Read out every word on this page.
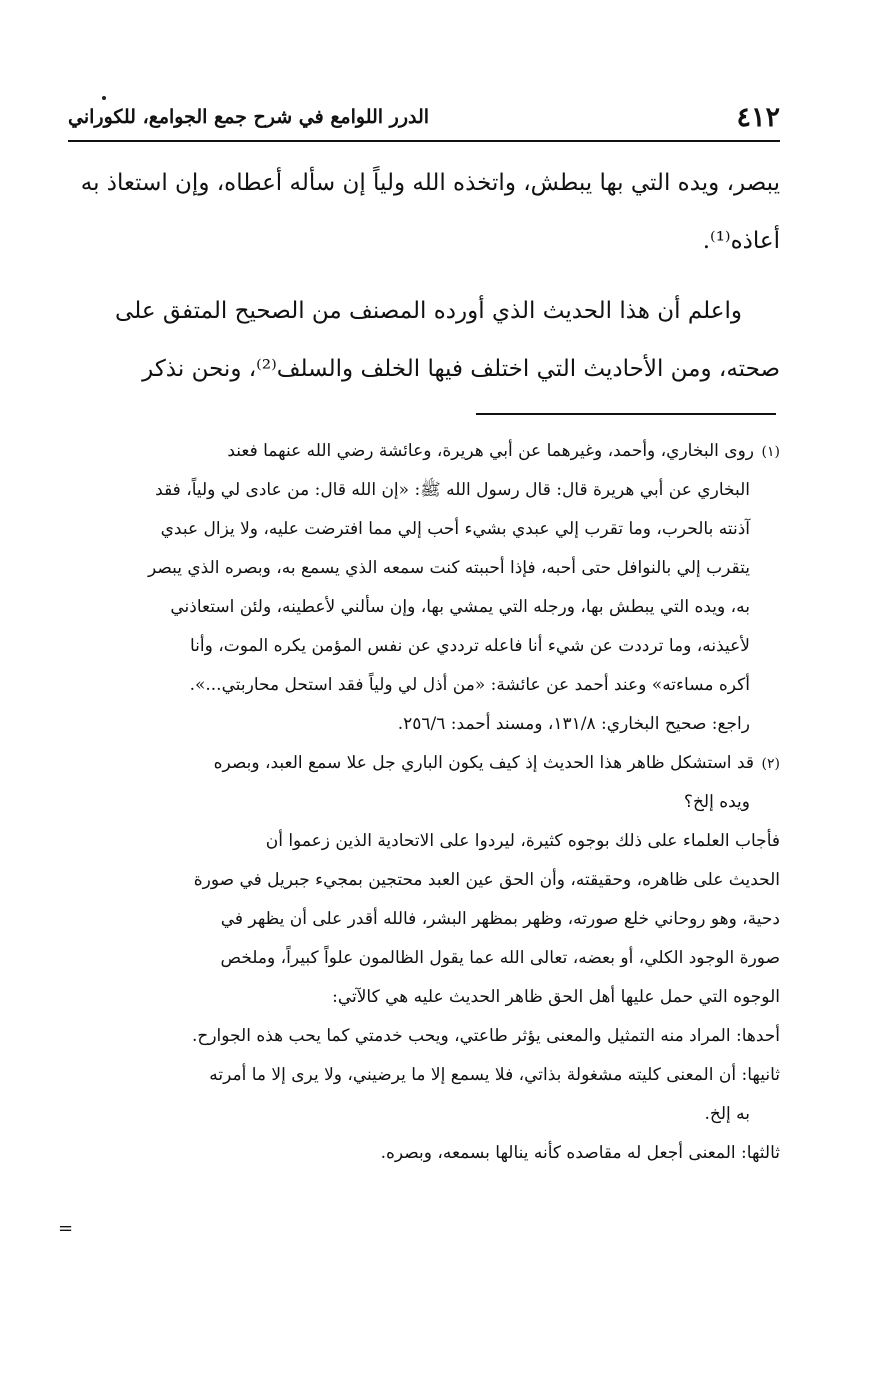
٤١٢
الدرر اللوامع في شرح جمع الجوامع، للكوراني

يبصر، ويده التي بها يبطش، واتخذه الله ولياً إن سأله أعطاه، وإن استعاذ به
أعاذه⁽¹⁾.

واعلم أن هذا الحديث الذي أورده المصنف من الصحيح المتفق على
صحته، ومن الأحاديث التي اختلف فيها الخلف والسلف⁽²⁾، ونحن نذكر

(١)روى البخاري، وأحمد، وغيرهما عن أبي هريرة، وعائشة رضي الله عنهما فعند
البخاري عن أبي هريرة قال: قال رسول الله ﷺ: «إن الله قال: من عادى لي ولياً، فقد
آذنته بالحرب، وما تقرب إلي عبدي بشيء أحب إلي مما افترضت عليه، ولا يزال عبدي
يتقرب إلي بالنوافل حتى أحبه، فإذا أحببته كنت سمعه الذي يسمع به، وبصره الذي يبصر
به، ويده التي يبطش بها، ورجله التي يمشي بها، وإن سألني لأعطينه، ولئن استعاذني
لأعيذنه، وما ترددت عن شيء أنا فاعله ترددي عن نفس المؤمن يكره الموت، وأنا
أكره مساءته» وعند أحمد عن عائشة: «من أذل لي ولياً فقد استحل محاربتي...».
راجع: صحيح البخاري: ١٣١/٨، ومسند أحمد: ٢٥٦/٦.
(٢)قد استشكل ظاهر هذا الحديث إذ كيف يكون الباري جل علا سمع العبد، وبصره
ويده إلخ؟
فأجاب العلماء على ذلك بوجوه كثيرة، ليردوا على الاتحادية الذين زعموا أن
الحديث على ظاهره، وحقيقته، وأن الحق عين العبد محتجين بمجيء جبريل في صورة
دحية، وهو روحاني خلع صورته، وظهر بمظهر البشر، فالله أقدر على أن يظهر في
صورة الوجود الكلي، أو بعضه، تعالى الله عما يقول الظالمون علواً كبيراً، وملخص
الوجوه التي حمل عليها أهل الحق ظاهر الحديث عليه هي كالآتي:
أحدها: المراد منه التمثيل والمعنى يؤثر طاعتي، ويحب خدمتي كما يحب هذه الجوارح.
ثانيها: أن المعنى كليته مشغولة بذاتي، فلا يسمع إلا ما يرضيني، ولا يرى إلا ما أمرته
به إلخ.
ثالثها: المعنى أجعل له مقاصده كأنه ينالها بسمعه، وبصره.
=
